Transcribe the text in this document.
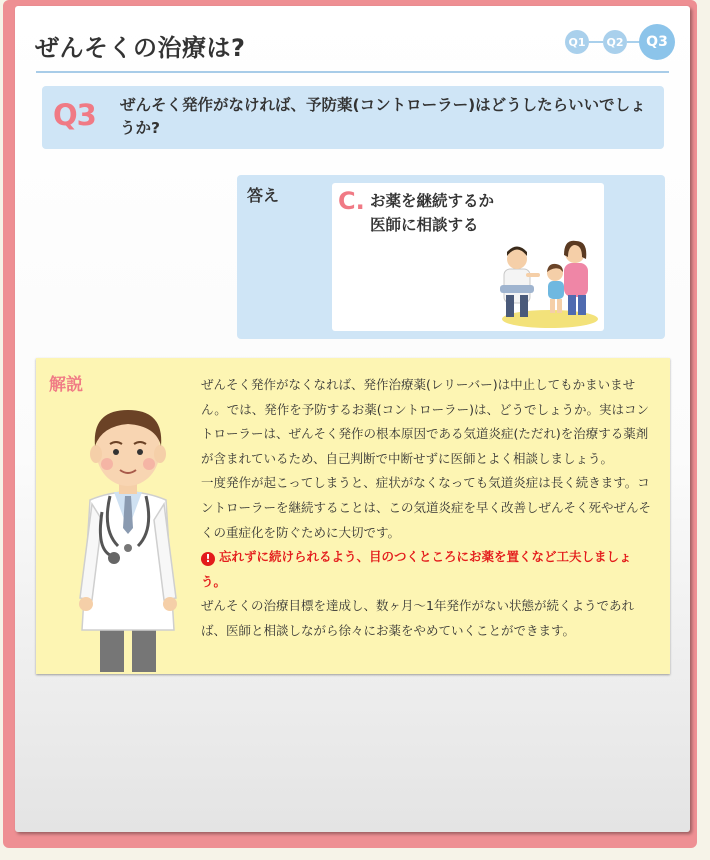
ぜんそくの治療は?	Q1	Q2	Q3
Q3 ぜんそく発作がなければ、予防薬(コントローラー)はどうしたらいいでしょうか?
答え C. お薬を継続するか
医師に相談する
解説	ぜんそく発作がなくなれば、発作治療薬(レリーバー)は中止してもかまいません。では、発作を予防するお薬(コントローラー)は、どうでしょうか。実はコントローラーは、ぜんそく発作の根本原因である気道炎症(ただれ)を治療する薬剤が含まれているため、自己判断で中断せずに医師とよく相談しましょう。

一度発作が起こってしまうと、症状がなくなっても気道炎症は長く続きます。コントローラーを継続することは、この気道炎症を早く改善しぜんそく死やぜんそくの重症化を防ぐために大切です。

! 忘れずに続けられるよう、目のつくところにお薬を置くなど工夫しましょう。

ぜんそくの治療目標を達成し、数ヶ月〜1年発作がない状態が続くようであれば、医師と相談しながら徐々にお薬をやめていくことができます。
